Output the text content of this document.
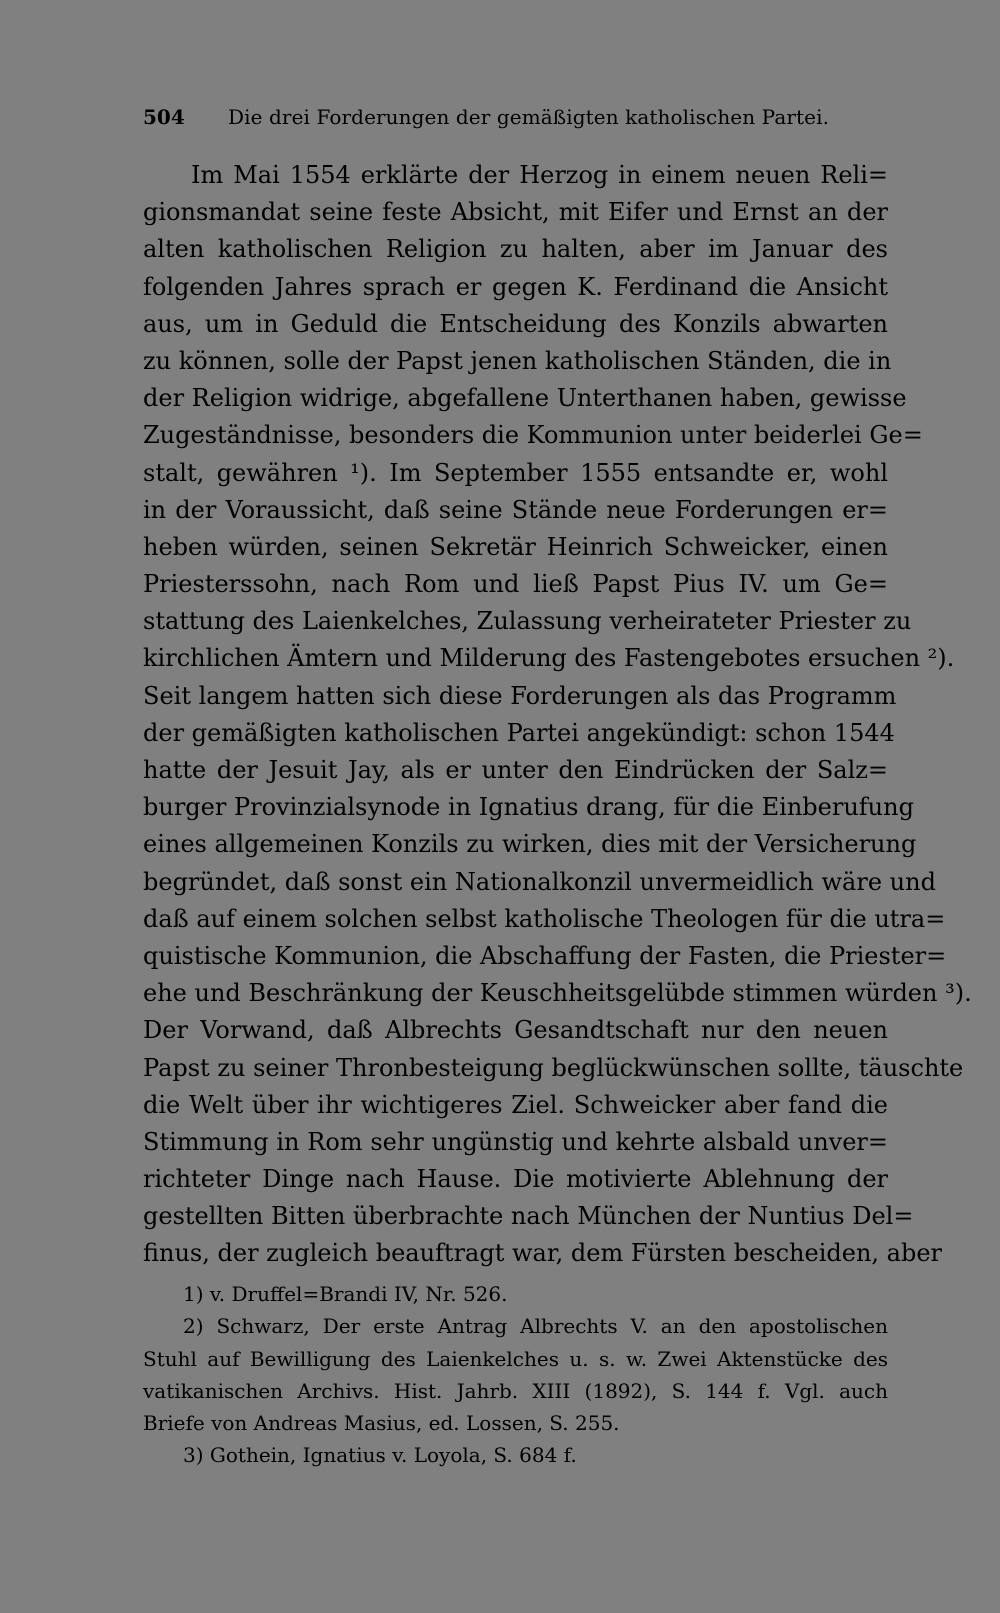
504 Die drei Forderungen der gemäßigten katholischen Partei.
Im Mai 1554 erklärte der Herzog in einem neuen Reli=
gionsmandat seine feste Absicht, mit Eifer und Ernst an der
alten katholischen Religion zu halten, aber im Januar des
folgenden Jahres sprach er gegen K. Ferdinand die Ansicht
aus, um in Geduld die Entscheidung des Konzils abwarten
zu können, solle der Papst jenen katholischen Ständen, die in
der Religion widrige, abgefallene Unterthanen haben, gewisse
Zugeständnisse, besonders die Kommunion unter beiderlei Ge=
stalt, gewähren ¹). Im September 1555 entsandte er, wohl
in der Voraussicht, daß seine Stände neue Forderungen er=
heben würden, seinen Sekretär Heinrich Schweicker, einen
Priesterssohn, nach Rom und ließ Papst Pius IV. um Ge=
stattung des Laienkelches, Zulassung verheirateter Priester zu
kirchlichen Ämtern und Milderung des Fastengebotes ersuchen ²).
Seit langem hatten sich diese Forderungen als das Programm
der gemäßigten katholischen Partei angekündigt: schon 1544
hatte der Jesuit Jay, als er unter den Eindrücken der Salz=
burger Provinzialsynode in Ignatius drang, für die Einberufung
eines allgemeinen Konzils zu wirken, dies mit der Versicherung
begründet, daß sonst ein Nationalkonzil unvermeidlich wäre und
daß auf einem solchen selbst katholische Theologen für die utra=
quistische Kommunion, die Abschaffung der Fasten, die Priester=
ehe und Beschränkung der Keuschheitsgelübde stimmen würden ³).
Der Vorwand, daß Albrechts Gesandtschaft nur den neuen
Papst zu seiner Thronbesteigung beglückwünschen sollte, täuschte
die Welt über ihr wichtigeres Ziel. Schweicker aber fand die
Stimmung in Rom sehr ungünstig und kehrte alsbald unver=
richteter Dinge nach Hause. Die motivierte Ablehnung der
gestellten Bitten überbrachte nach München der Nuntius Del=
finus, der zugleich beauftragt war, dem Fürsten bescheiden, aber
1) v. Druffel=Brandi IV, Nr. 526.
2) Schwarz, Der erste Antrag Albrechts V. an den apostolischen
Stuhl auf Bewilligung des Laienkelches u. s. w. Zwei Aktenstücke des
vatikanischen Archivs. Hist. Jahrb. XIII (1892), S. 144 f. Vgl. auch
Briefe von Andreas Masius, ed. Lossen, S. 255.
3) Gothein, Ignatius v. Loyola, S. 684 f.
